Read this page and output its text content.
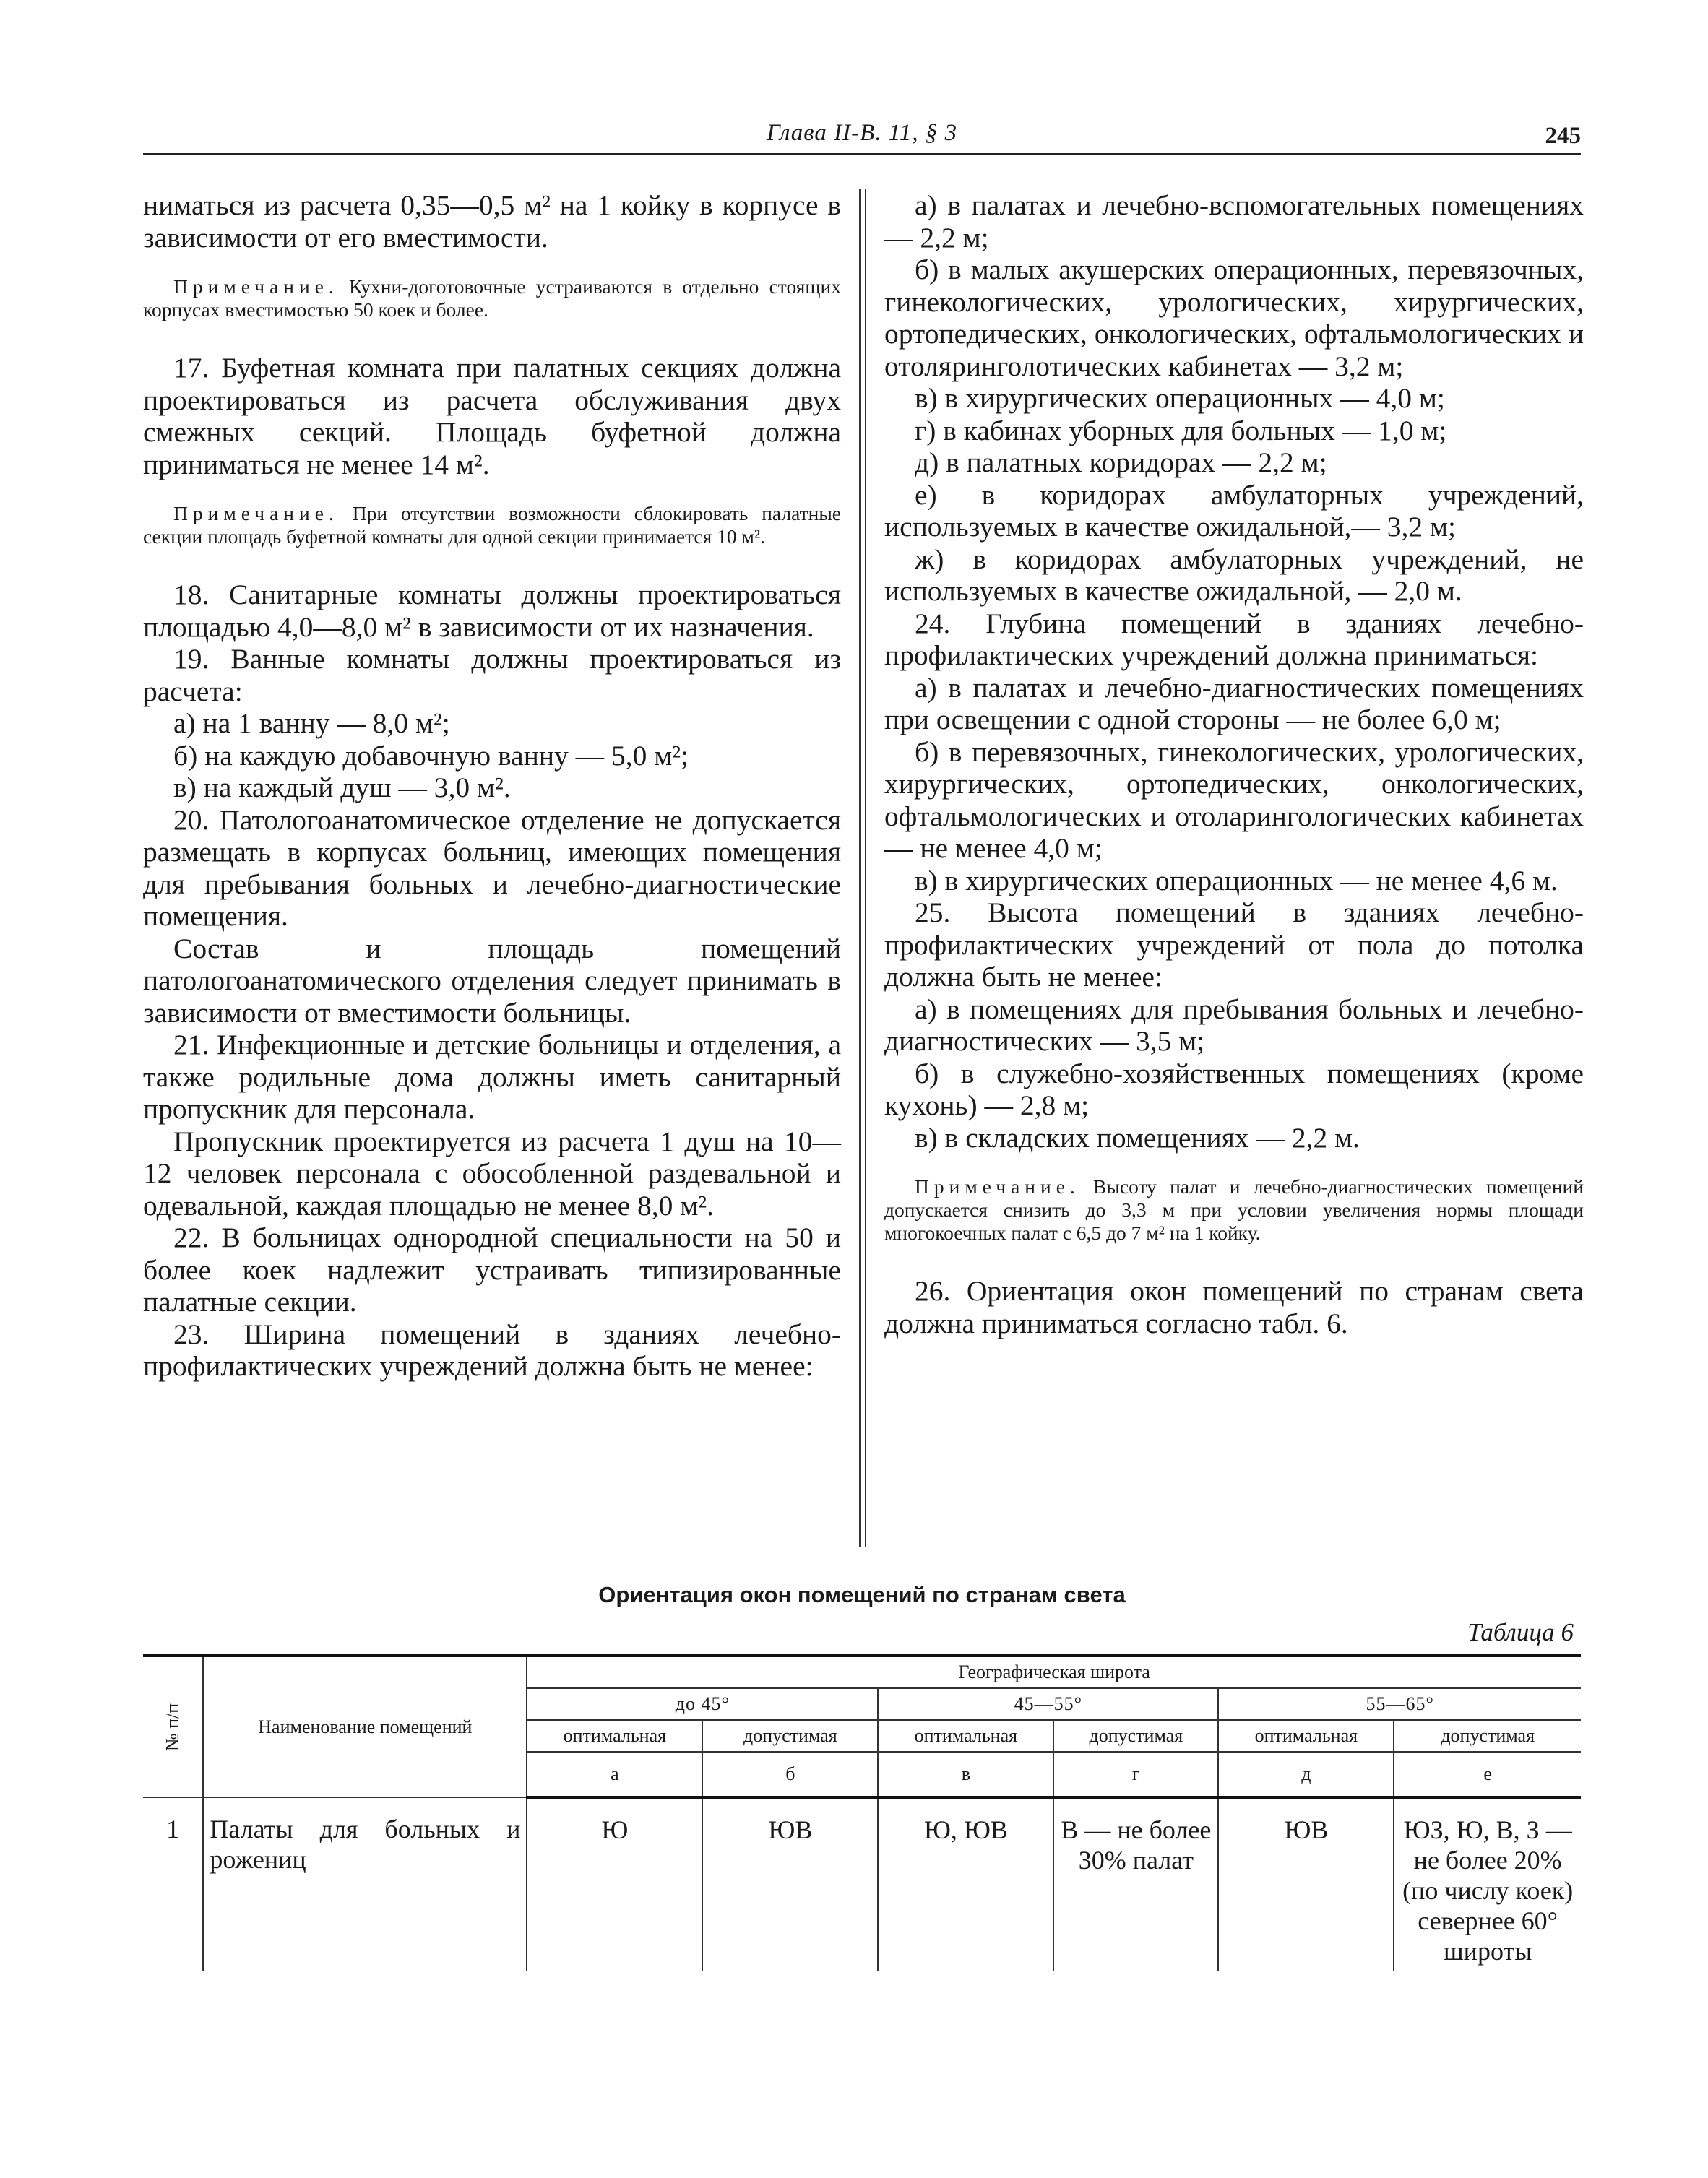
Глава II-В. 11, § 3	245

ниматься из расчета 0,35—0,5 м² на 1 койку в корпусе в зависимости от его вместимости.

Примечание. Кухни-доготовочные устраиваются в отдельно стоящих корпусах вместимостью 50 коек и более.

17. Буфетная комната при палатных секциях должна проектироваться из расчета обслуживания двух смежных секций. Площадь буфетной должна приниматься не менее 14 м².

Примечание. При отсутствии возможности сблокировать палатные секции площадь буфетной комнаты для одной секции принимается 10 м².

18. Санитарные комнаты должны проектироваться площадью 4,0—8,0 м² в зависимости от их назначения.

19. Ванные комнаты должны проектироваться из расчета:

а) на 1 ванну — 8,0 м²;

б) на каждую добавочную ванну — 5,0 м²;

в) на каждый душ — 3,0 м².

20. Патологоанатомическое отделение не допускается размещать в корпусах больниц, имеющих помещения для пребывания больных и лечебно-диагностические помещения.

Состав и площадь помещений патологоанатомического отделения следует принимать в зависимости от вместимости больницы.

21. Инфекционные и детские больницы и отделения, а также родильные дома должны иметь санитарный пропускник для персонала.

Пропускник проектируется из расчета 1 душ на 10—12 человек персонала с обособленной раздевальной и одевальной, каждая площадью не менее 8,0 м².

22. В больницах однородной специальности на 50 и более коек надлежит устраивать типизированные палатные секции.

23. Ширина помещений в зданиях лечебно-профилактических учреждений должна быть не менее:

а) в палатах и лечебно-вспомогательных помещениях — 2,2 м;

б) в малых акушерских операционных, перевязочных, гинекологических, урологических, хирургических, ортопедических, онкологических, офтальмологических и отоляринголотических кабинетах — 3,2 м;

в) в хирургических операционных — 4,0 м;

г) в кабинах уборных для больных — 1,0 м;

д) в палатных коридорах — 2,2 м;

е) в коридорах амбулаторных учреждений, используемых в качестве ожидальной,— 3,2 м;

ж) в коридорах амбулаторных учреждений, не используемых в качестве ожидальной, — 2,0 м.

24. Глубина помещений в зданиях лечебно-профилактических учреждений должна приниматься:

а) в палатах и лечебно-диагностических помещениях при освещении с одной стороны — не более 6,0 м;

б) в перевязочных, гинекологических, урологических, хирургических, ортопедических, онкологических, офтальмологических и отоларингологических кабинетах — не менее 4,0 м;

в) в хирургических операционных — не менее 4,6 м.

25. Высота помещений в зданиях лечебно-профилактических учреждений от пола до потолка должна быть не менее:

а) в помещениях для пребывания больных и лечебно-диагностических — 3,5 м;

б) в служебно-хозяйственных помещениях (кроме кухонь) — 2,8 м;

в) в складских помещениях — 2,2 м.

Примечание. Высоту палат и лечебно-диагностических помещений допускается снизить до 3,3 м при условии увеличения нормы площади многокоечных палат с 6,5 до 7 м² на 1 койку.

26. Ориентация окон помещений по странам света должна приниматься согласно табл. 6.

Ориентация окон помещений по странам света
Таблица 6
№ п/п	Наименование помещений	Географическая широта					
		до 45°		45—55°		55—65°	
		оптимальная	допустимая	оптимальная	допустимая	оптимальная	допустимая
		а	б	в	г	д	е
1	Палаты для больных и рожениц	Ю	ЮВ	Ю, ЮВ	В — не более 30% палат	ЮВ	ЮЗ, Ю, В, З — не более 20% (по числу коек) севернее 60° широты
